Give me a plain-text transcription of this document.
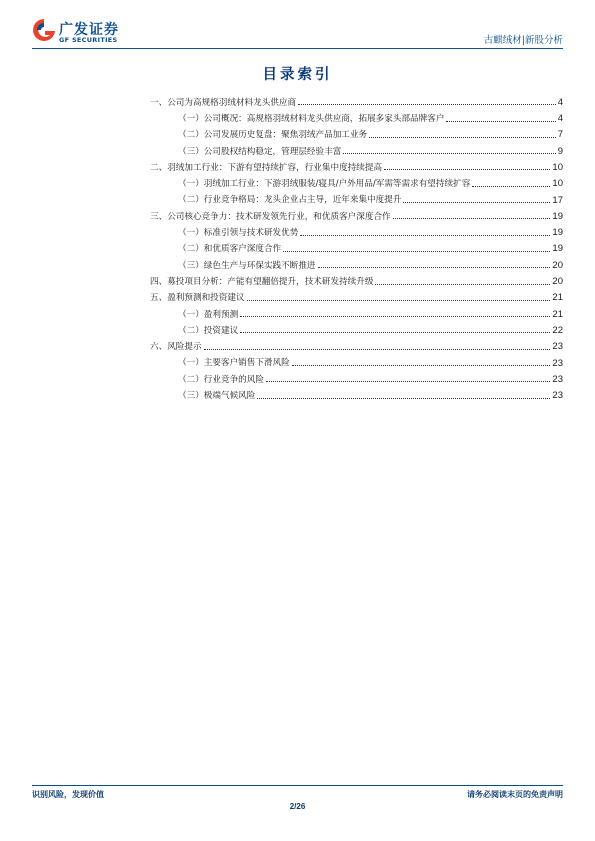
广发证券
GF SECURITIES	古麒绒材|新股分析
目录索引
一、公司为高规格羽绒材料龙头供应商	4
（一）公司概况：高规格羽绒材料龙头供应商，拓展多家头部品牌客户	4
（二）公司发展历史复盘：聚焦羽绒产品加工业务	7
（三）公司股权结构稳定，管理层经验丰富	9
二、羽绒加工行业：下游有望持续扩容，行业集中度持续提高	10
（一）羽绒加工行业：下游羽绒服装/寝具/户外用品/军需等需求有望持续扩容	10
（二）行业竞争格局：龙头企业占主导，近年来集中度提升	17
三、公司核心竞争力：技术研发领先行业，和优质客户深度合作	19
（一）标准引领与技术研发优势	19
（二）和优质客户深度合作	19
（三）绿色生产与环保实践不断推进	20
四、募投项目分析：产能有望翻倍提升，技术研发持续升级	20
五、盈利预测和投资建议	21
（一）盈利预测	21
（二）投资建议	22
六、风险提示	23
（一）主要客户销售下滑风险	23
（二）行业竞争的风险	23
（三）极端气候风险	23
识别风险，发现价值	请务必阅读末页的免责声明
2/26
